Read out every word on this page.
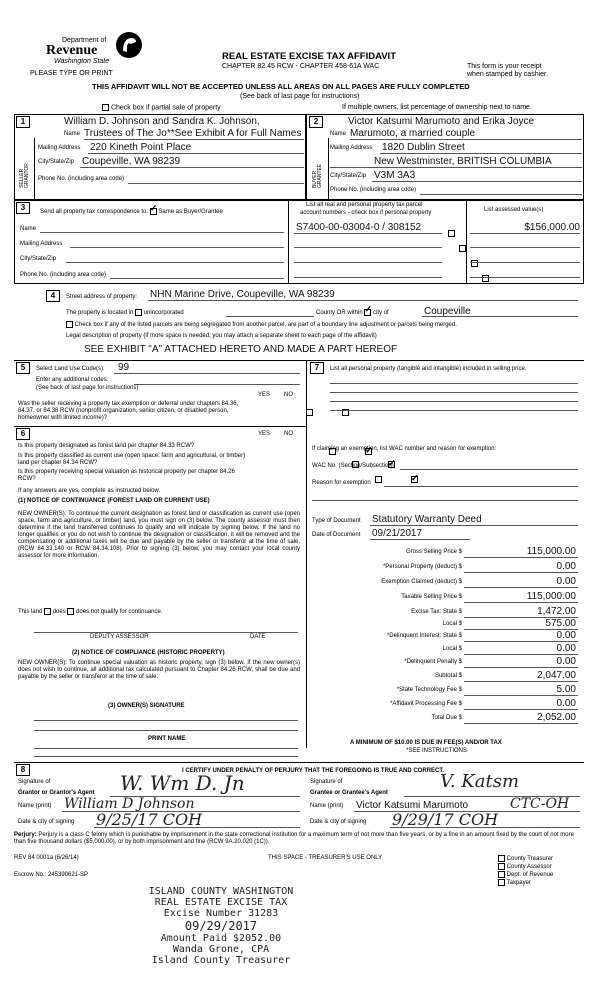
Department of
Revenue
Washington State
PLEASE TYPE OR PRINT
REAL ESTATE EXCISE TAX AFFIDAVIT
CHAPTER 82.45 RCW - CHAPTER 458-61A WAC	This form is your receipt
when stamped by cashier.
THIS AFFIDAVIT WILL NOT BE ACCEPTED UNLESS ALL AREAS ON ALL PAGES ARE FULLY COMPLETED
(See back of last page for instructions)
Check box if partial sale of property	If multiple owners, list percentage of ownership next to name.
1	2
SELLER GRANTOR	BUYER GRANTEE
William D. Johnson and Sandra K. Johnson,
Name Trustees of The Jo**See Exhibit A for Full Names
Mailing Address 220 Kineth Point Place
City/State/Zip Coupeville, WA 98239
Phone No. (including area code)
Victor Katsumi Marumoto and Erika Joyce
Name Marumoto, a married couple
Mailing Address 1820 Dublin Street
New Westminster, BRITISH COLUMBIA
City/State/Zip V3M 3A3
Phone No. (including area code)
3
Send all property tax correspondence to: ✓ Same as Buyer/Grantee
List all real and personal property tax parcel
account numbers - check box if personal property	List assessed value(s)
Name
Mailing Address
City/State/Zip
Phone No. (including area code)
S7400-00-03004-0 / 308152
	$156,000.00

4	Street address of property: NHN Marine Drive, Coupeville, WA 98239
The property is located in unincorporated	County OR within ✓ city of	Coupeville
Check box if any of the listed parcels are being segregated from another parcel, are part of a boundary line adjustment or parcels being merged.
Legal description of property (if more space is needed, you may attach a separate sheet to each page of the affidavit)
SEE EXHIBIT "A" ATTACHED HERETO AND MADE A PART HEREOF
5	Select Land Use Code(s): 99
Enter any additional codes:
(See back of last page for instructions)
YES NO
Was the seller receiving a property tax exemption or deferral under chapters 84.36, 84.37, or 84.38 RCW (nonprofit organization, senior citizen, or disabled person, homeowner with limited income)?

6	YES NO
Is this property designated as forest land per chapter 84.33 RCW?
✓
Is this property classified as current use (open space, farm and agricultural, or timber) land per chapter 84.34 RCW?
✓
Is this property receiving special valuation as historical property per chapter 84.26 RCW?
✓
If any answers are yes, complete as instructed below.
(1) NOTICE OF CONTINUANCE (FOREST LAND OR CURRENT USE)
NEW OWNER(S): To continue the current designation as forest land or classification as current use (open space, farm and agriculture, or timber) land, you must sign on (3) below. The county assessor must then determine if the land transferred continues to qualify and will indicate by signing below. If the land no longer qualifies or you do not wish to continue the designation or classification, it will be removed and the compensating or additional taxes will be due and payable by the seller or transferor at the time of sale. (RCW 84.33.140 or RCW 84.34.108). Prior to signing (3) below, you may contact your local county assessor for more information.
This land does does not qualify for continuance.
DEPUTY ASSESSOR	DATE
(2) NOTICE OF COMPLIANCE (HISTORIC PROPERTY)
NEW OWNER(S): To continue special valuation as historic property, sign (3) below. If the new owner(s) does not wish to continue, all additional tax calculated pursuant to Chapter 84.26 RCW, shall be due and payable by the seller or transferor at the time of sale.
(3) OWNER(S) SIGNATURE
PRINT NAME
7	List all personal property (tangible and intangible) included in selling price.
If claiming an exemption, list WAC number and reason for exemption:
WAC No. (Section/Subsection)
Reason for exemption
Type of Document Statutory Warranty Deed
Date of Document 09/21/2017
Gross Selling Price $	115,000.00
*Personal Property (deduct) $	0.00
Exemption Claimed (deduct) $	0.00
Taxable Selling Price $	115,000.00
Excise Tax: State $	1,472.00
Local $	575.00
*Delinquent Interest: State $	0.00
Local $	0.00
*Delinquent Penalty $	0.00
Subtotal $	2,047.00
*State Technology Fee $	5.00
*Affidavit Processing Fee $	0.00
Total Due $	2,052.00
A MINIMUM OF $10.00 IS DUE IN FEE(S) AND/OR TAX
*SEE INSTRUCTIONS
8	I CERTIFY UNDER PENALTY OF PERJURY THAT THE FOREGOING IS TRUE AND CORRECT.
Signature of
Grantor or Grantor's Agent W. Wm D. Jn
Name (print) William D Johnson
Date & city of signing 9/25/17 COH
Signature of
Grantee or Grantee's Agent
V. Katsm
Name (print) Victor Katsumi Marumoto	CTC-OH
Date & city of signing 9/29/17 COH
Perjury: Perjury is a class C felony which is punishable by imprisonment in the state correctional institution for a maximum term of not more than five years, or by a fine in an amount fixed by the court of not more than five thousand dollars ($5,000.00), or by both imprisonment and fine (RCW 9A.20.020 (1C)).
REV 84 0001a (6/26/14)	THIS SPACE - TREASURER'S USE ONLY
Escrow No.: 245390621-SP
County Treasurer
County Assessor
Dept. of Revenue
Taxpayer
ISLAND COUNTY WASHINGTON
REAL ESTATE EXCISE TAX
Excise Number 31283
09/29/2017
Amount Paid $2052.00
Wanda Grone, CPA
Island County Treasurer
